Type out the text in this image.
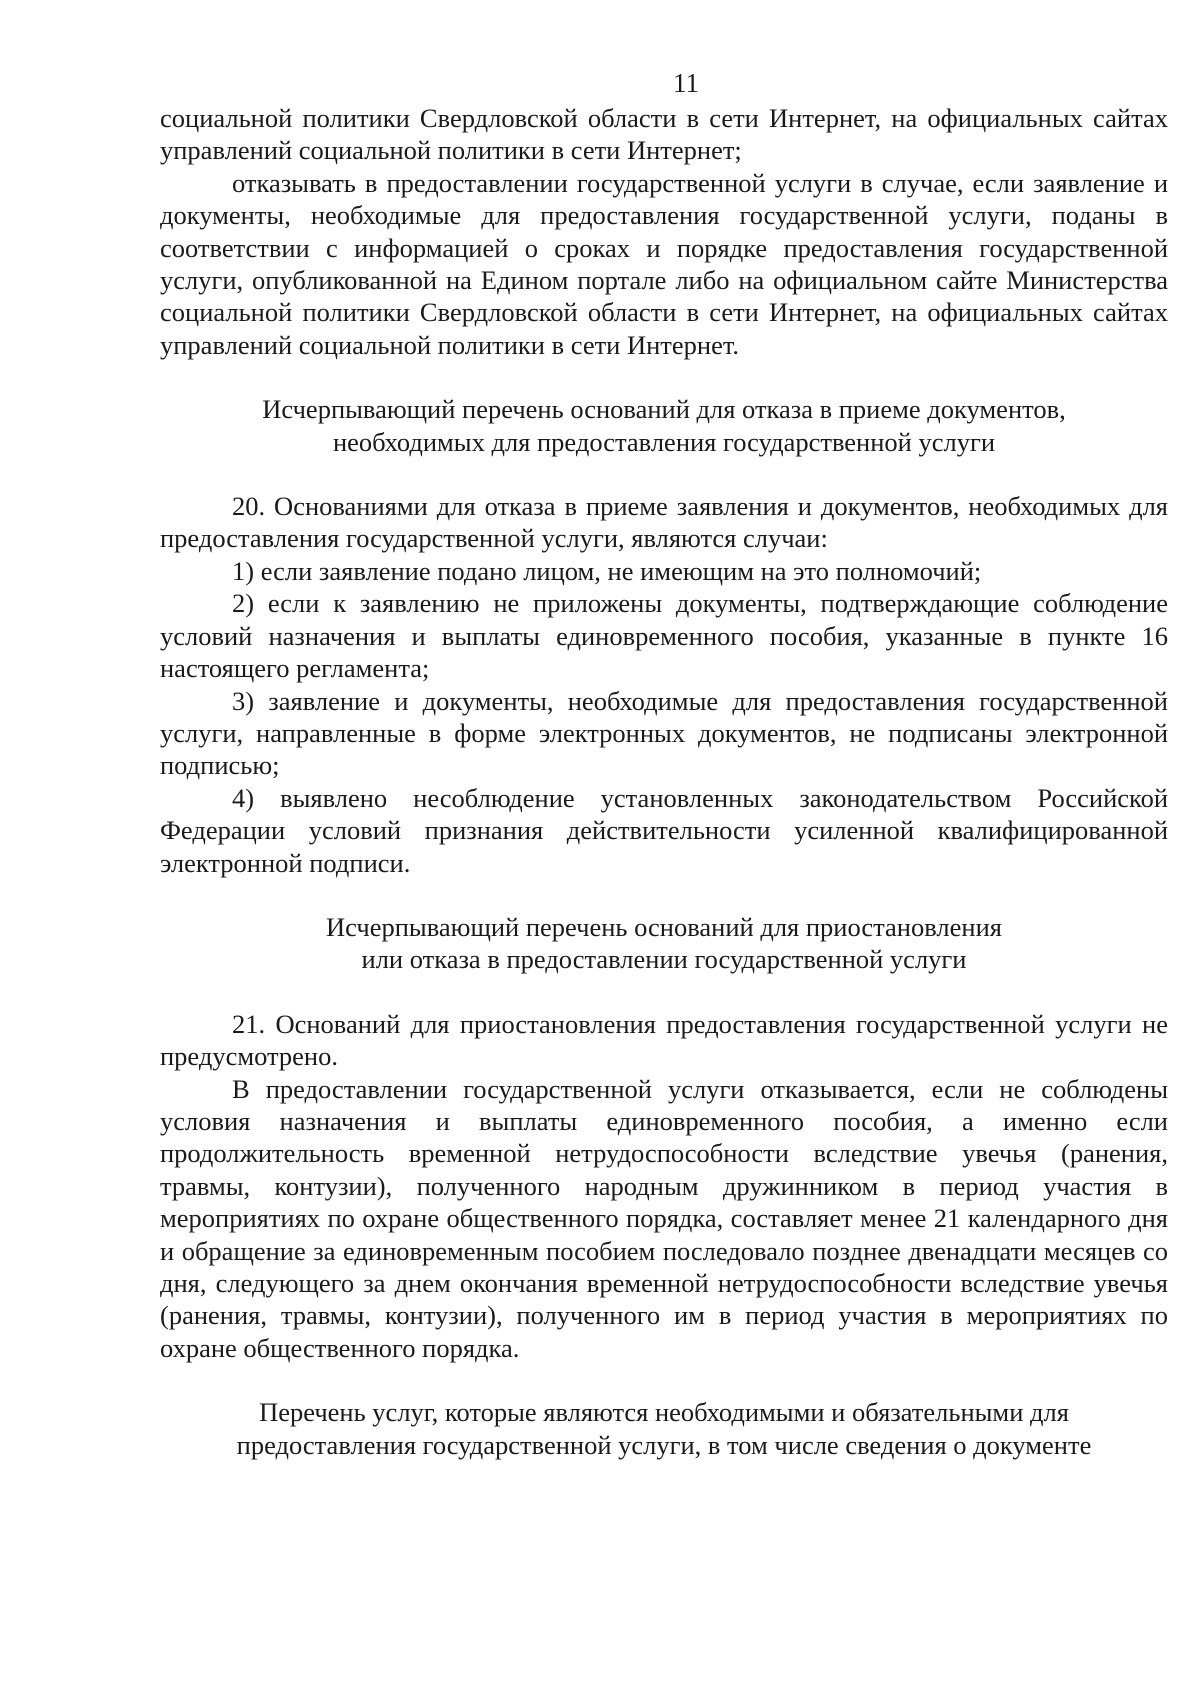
11

социальной политики Свердловской области в сети Интернет, на официальных сайтах управлений социальной политики в сети Интернет;

отказывать в предоставлении государственной услуги в случае, если заявление и документы, необходимые для предоставления государственной услуги, поданы в соответствии с информацией о сроках и порядке предоставления государственной услуги, опубликованной на Едином портале либо на официальном сайте Министерства социальной политики Свердловской области в сети Интернет, на официальных сайтах управлений социальной политики в сети Интернет.

Исчерпывающий перечень оснований для отказа в приеме документов,
необходимых для предоставления государственной услуги

20. Основаниями для отказа в приеме заявления и документов, необходимых для предоставления государственной услуги, являются случаи:

1) если заявление подано лицом, не имеющим на это полномочий;

2) если к заявлению не приложены документы, подтверждающие соблюдение условий назначения и выплаты единовременного пособия, указанные в пункте 16 настоящего регламента;

3) заявление и документы, необходимые для предоставления государственной услуги, направленные в форме электронных документов, не подписаны электронной подписью;

4) выявлено несоблюдение установленных законодательством Российской Федерации условий признания действительности усиленной квалифицированной электронной подписи.

Исчерпывающий перечень оснований для приостановления
или отказа в предоставлении государственной услуги

21. Оснований для приостановления предоставления государственной услуги не предусмотрено.

В предоставлении государственной услуги отказывается, если не соблюдены условия назначения и выплаты единовременного пособия, а именно если продолжительность временной нетрудоспособности вследствие увечья (ранения, травмы, контузии), полученного народным дружинником в период участия в мероприятиях по охране общественного порядка, составляет менее 21 календарного дня и обращение за единовременным пособием последовало позднее двенадцати месяцев со дня, следующего за днем окончания временной нетрудоспособности вследствие увечья (ранения, травмы, контузии), полученного им в период участия в мероприятиях по охране общественного порядка.

Перечень услуг, которые являются необходимыми и обязательными для
предоставления государственной услуги, в том числе сведения о документе
